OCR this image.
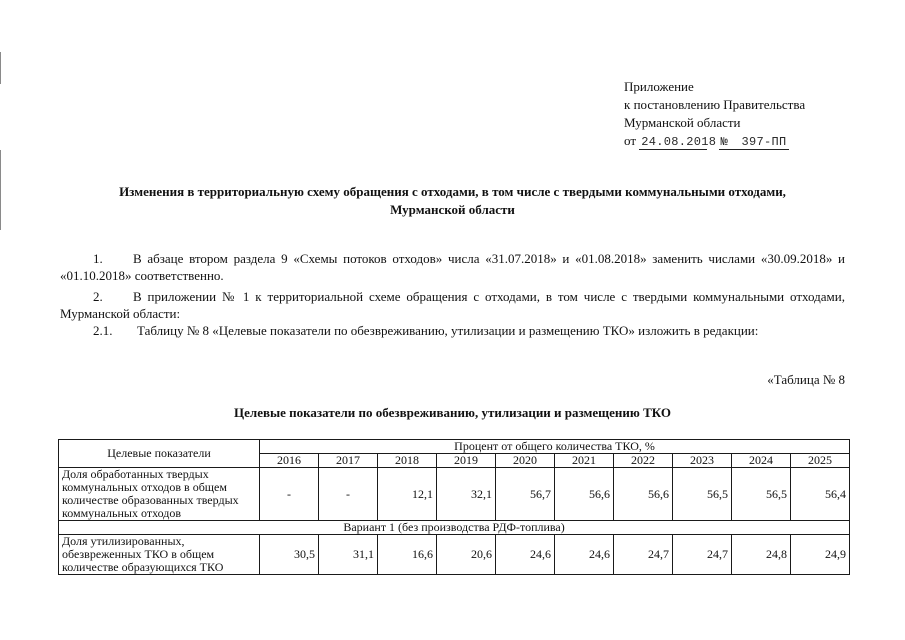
Приложение
к постановлению Правительства
Мурманской области
от 24.08.2018 № 397-ПП
Изменения в территориальную схему обращения с отходами, в том числе с твердыми коммунальными отходами,
Мурманской области
1. В абзаце втором раздела 9 «Схемы потоков отходов» числа «31.07.2018» и «01.08.2018» заменить числами «30.09.2018» и «01.10.2018» соответственно.
2. В приложении № 1 к территориальной схеме обращения с отходами, в том числе с твердыми коммунальными отходами, Мурманской области:
2.1. Таблицу № 8 «Целевые показатели по обезвреживанию, утилизации и размещению ТКО» изложить в редакции:
«Таблица № 8
Целевые показатели по обезвреживанию, утилизации и размещению ТКО
Целевые показатели	Процент от общего количества ТКО, %									
	2016	2017	2018	2019	2020	2021	2022	2023	2024	2025
Доля обработанных твердых коммунальных отходов в общем количестве образованных твердых коммунальных отходов	-	-	12,1	32,1	56,7	56,6	56,6	56,5	56,5	56,4
Вариант 1 (без производства РДФ-топлива)										
Доля утилизированных, обезвреженных ТКО в общем количестве образующихся ТКО	30,5	31,1	16,6	20,6	24,6	24,6	24,7	24,7	24,8	24,9
